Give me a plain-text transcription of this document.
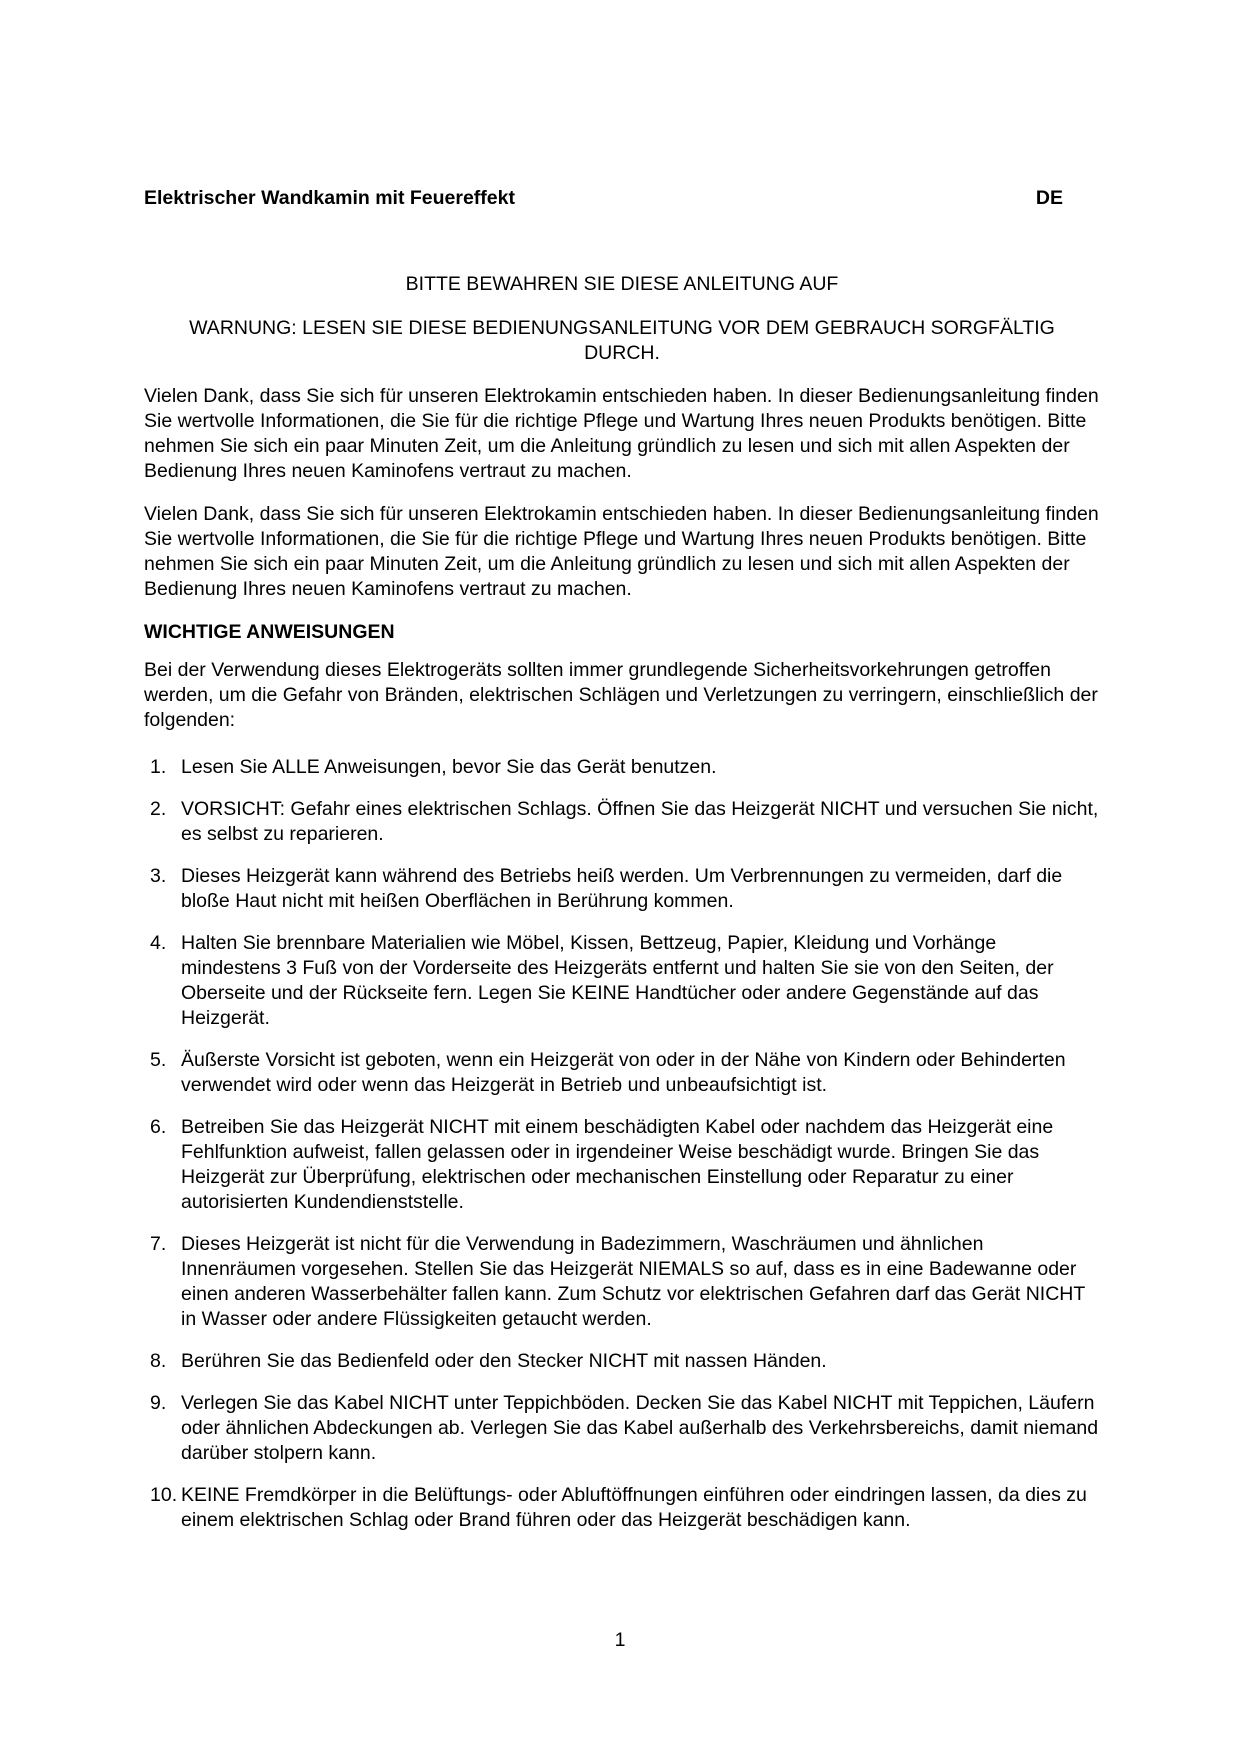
Elektrischer Wandkamin mit Feuereffekt	DE
BITTE BEWAHREN SIE DIESE ANLEITUNG AUF
WARNUNG: LESEN SIE DIESE BEDIENUNGSANLEITUNG VOR DEM GEBRAUCH SORGFÄLTIG DURCH.

Vielen Dank, dass Sie sich für unseren Elektrokamin entschieden haben. In dieser Bedienungsanleitung finden Sie wertvolle Informationen, die Sie für die richtige Pflege und Wartung Ihres neuen Produkts benötigen. Bitte nehmen Sie sich ein paar Minuten Zeit, um die Anleitung gründlich zu lesen und sich mit allen Aspekten der Bedienung Ihres neuen Kaminofens vertraut zu machen.

Vielen Dank, dass Sie sich für unseren Elektrokamin entschieden haben. In dieser Bedienungsanleitung finden Sie wertvolle Informationen, die Sie für die richtige Pflege und Wartung Ihres neuen Produkts benötigen. Bitte nehmen Sie sich ein paar Minuten Zeit, um die Anleitung gründlich zu lesen und sich mit allen Aspekten der Bedienung Ihres neuen Kaminofens vertraut zu machen.

WICHTIGE ANWEISUNGEN

Bei der Verwendung dieses Elektrogeräts sollten immer grundlegende Sicherheitsvorkehrungen getroffen werden, um die Gefahr von Bränden, elektrischen Schlägen und Verletzungen zu verringern, einschließlich der folgenden:

1. Lesen Sie ALLE Anweisungen, bevor Sie das Gerät benutzen.
2. VORSICHT: Gefahr eines elektrischen Schlags. Öffnen Sie das Heizgerät NICHT und versuchen Sie nicht, es selbst zu reparieren.
3. Dieses Heizgerät kann während des Betriebs heiß werden. Um Verbrennungen zu vermeiden, darf die bloße Haut nicht mit heißen Oberflächen in Berührung kommen.
4. Halten Sie brennbare Materialien wie Möbel, Kissen, Bettzeug, Papier, Kleidung und Vorhänge mindestens 3 Fuß von der Vorderseite des Heizgeräts entfernt und halten Sie sie von den Seiten, der Oberseite und der Rückseite fern. Legen Sie KEINE Handtücher oder andere Gegenstände auf das Heizgerät.
5. Äußerste Vorsicht ist geboten, wenn ein Heizgerät von oder in der Nähe von Kindern oder Behinderten verwendet wird oder wenn das Heizgerät in Betrieb und unbeaufsichtigt ist.
6. Betreiben Sie das Heizgerät NICHT mit einem beschädigten Kabel oder nachdem das Heizgerät eine Fehlfunktion aufweist, fallen gelassen oder in irgendeiner Weise beschädigt wurde. Bringen Sie das Heizgerät zur Überprüfung, elektrischen oder mechanischen Einstellung oder Reparatur zu einer autorisierten Kundendienststelle.
7. Dieses Heizgerät ist nicht für die Verwendung in Badezimmern, Waschräumen und ähnlichen Innenräumen vorgesehen. Stellen Sie das Heizgerät NIEMALS so auf, dass es in eine Badewanne oder einen anderen Wasserbehälter fallen kann. Zum Schutz vor elektrischen Gefahren darf das Gerät NICHT in Wasser oder andere Flüssigkeiten getaucht werden.
8. Berühren Sie das Bedienfeld oder den Stecker NICHT mit nassen Händen.
9. Verlegen Sie das Kabel NICHT unter Teppichböden. Decken Sie das Kabel NICHT mit Teppichen, Läufern oder ähnlichen Abdeckungen ab. Verlegen Sie das Kabel außerhalb des Verkehrsbereichs, damit niemand darüber stolpern kann.
10. KEINE Fremdkörper in die Belüftungs- oder Abluftöffnungen einführen oder eindringen lassen, da dies zu einem elektrischen Schlag oder Brand führen oder das Heizgerät beschädigen kann.
1
